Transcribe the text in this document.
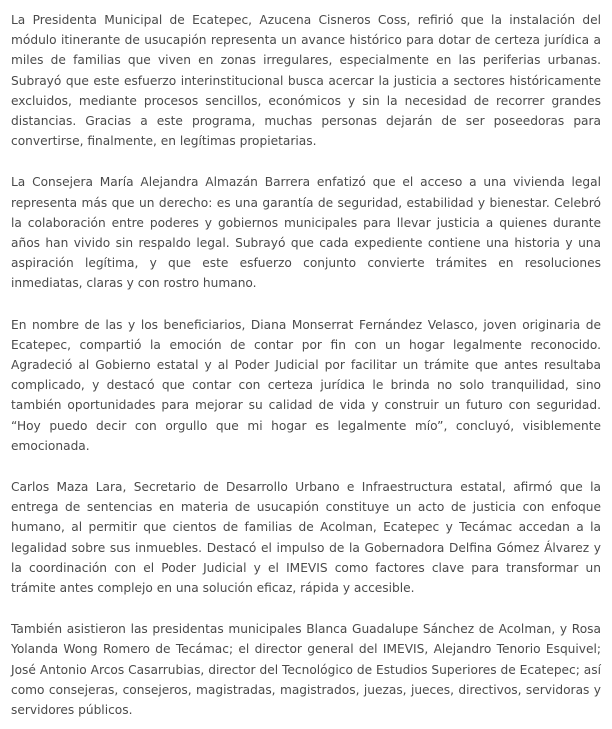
La Presidenta Municipal de Ecatepec, Azucena Cisneros Coss, refirió que la instalación del módulo itinerante de usucapión representa un avance histórico para dotar de certeza jurídica a miles de familias que viven en zonas irregulares, especialmente en las periferias urbanas. Subrayó que este esfuerzo interinstitucional busca acercar la justicia a sectores históricamente excluidos, mediante procesos sencillos, económicos y sin la necesidad de recorrer grandes distancias. Gracias a este programa, muchas personas dejarán de ser poseedoras para convertirse, finalmente, en legítimas propietarias.

La Consejera María Alejandra Almazán Barrera enfatizó que el acceso a una vivienda legal representa más que un derecho: es una garantía de seguridad, estabilidad y bienestar. Celebró la colaboración entre poderes y gobiernos municipales para llevar justicia a quienes durante años han vivido sin respaldo legal. Subrayó que cada expediente contiene una historia y una aspiración legítima, y que este esfuerzo conjunto convierte trámites en resoluciones inmediatas, claras y con rostro humano.

En nombre de las y los beneficiarios, Diana Monserrat Fernández Velasco, joven originaria de Ecatepec, compartió la emoción de contar por fin con un hogar legalmente reconocido. Agradeció al Gobierno estatal y al Poder Judicial por facilitar un trámite que antes resultaba complicado, y destacó que contar con certeza jurídica le brinda no solo tranquilidad, sino también oportunidades para mejorar su calidad de vida y construir un futuro con seguridad. “Hoy puedo decir con orgullo que mi hogar es legalmente mío”, concluyó, visiblemente emocionada.

Carlos Maza Lara, Secretario de Desarrollo Urbano e Infraestructura estatal, afirmó que la entrega de sentencias en materia de usucapión constituye un acto de justicia con enfoque humano, al permitir que cientos de familias de Acolman, Ecatepec y Tecámac accedan a la legalidad sobre sus inmuebles. Destacó el impulso de la Gobernadora Delfina Gómez Álvarez y la coordinación con el Poder Judicial y el IMEVIS como factores clave para transformar un trámite antes complejo en una solución eficaz, rápida y accesible.

También asistieron las presidentas municipales Blanca Guadalupe Sánchez de Acolman, y Rosa Yolanda Wong Romero de Tecámac; el director general del IMEVIS, Alejandro Tenorio Esquivel; José Antonio Arcos Casarrubias, director del Tecnológico de Estudios Superiores de Ecatepec; así como consejeras, consejeros, magistradas, magistrados, juezas, jueces, directivos, servidoras y servidores públicos.
